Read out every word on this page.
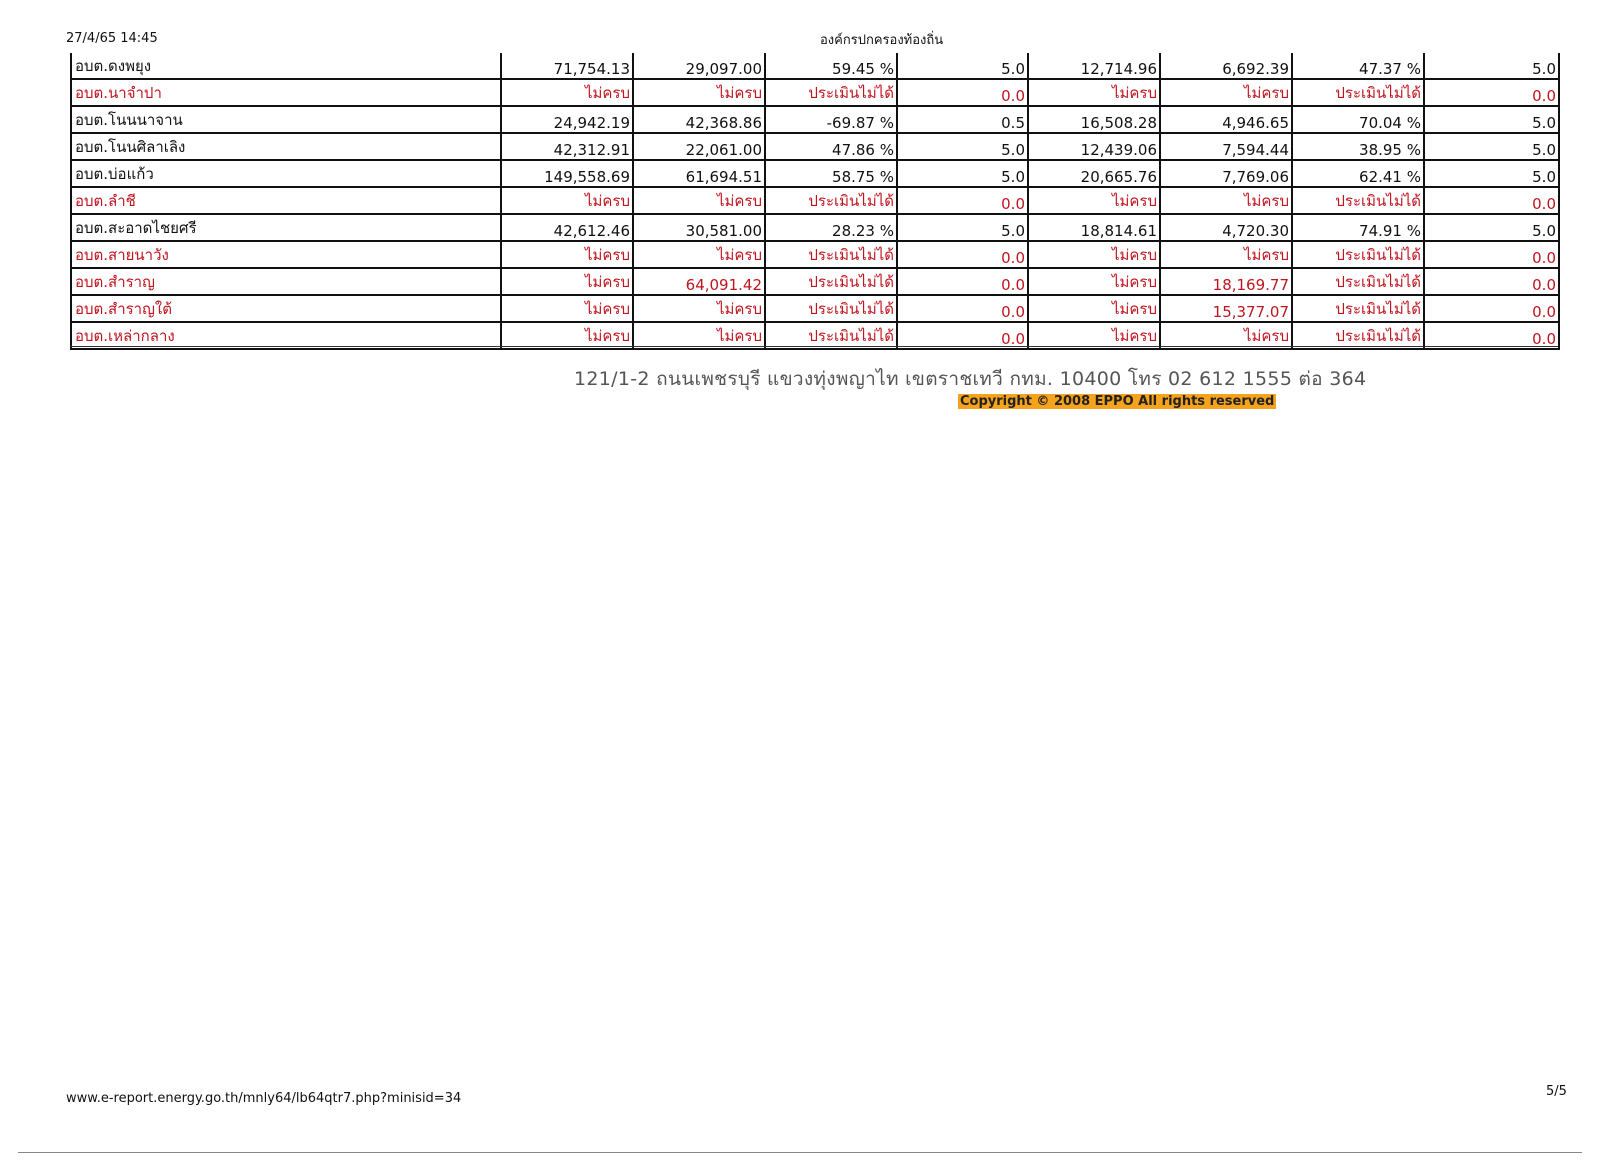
27/4/65 14:45	องค์กรปกครองท้องถิ่น
อบต.ดงพยุง	71,754.13	29,097.00	59.45 %	5.0	12,714.96	6,692.39	47.37 %	5.0
อบต.นาจำปา	ไม่ครบ	ไม่ครบ	ประเมินไม่ได้	0.0	ไม่ครบ	ไม่ครบ	ประเมินไม่ได้	0.0
อบต.โนนนาจาน	24,942.19	42,368.86	-69.87 %	0.5	16,508.28	4,946.65	70.04 %	5.0
อบต.โนนศิลาเลิง	42,312.91	22,061.00	47.86 %	5.0	12,439.06	7,594.44	38.95 %	5.0
อบต.บ่อแก้ว	149,558.69	61,694.51	58.75 %	5.0	20,665.76	7,769.06	62.41 %	5.0
อบต.ลำชี	ไม่ครบ	ไม่ครบ	ประเมินไม่ได้	0.0	ไม่ครบ	ไม่ครบ	ประเมินไม่ได้	0.0
อบต.สะอาดไชยศรี	42,612.46	30,581.00	28.23 %	5.0	18,814.61	4,720.30	74.91 %	5.0
อบต.สายนาวัง	ไม่ครบ	ไม่ครบ	ประเมินไม่ได้	0.0	ไม่ครบ	ไม่ครบ	ประเมินไม่ได้	0.0
อบต.สำราญ	ไม่ครบ	64,091.42	ประเมินไม่ได้	0.0	ไม่ครบ	18,169.77	ประเมินไม่ได้	0.0
อบต.สำราญใต้	ไม่ครบ	ไม่ครบ	ประเมินไม่ได้	0.0	ไม่ครบ	15,377.07	ประเมินไม่ได้	0.0
อบต.เหล่ากลาง	ไม่ครบ	ไม่ครบ	ประเมินไม่ได้	0.0	ไม่ครบ	ไม่ครบ	ประเมินไม่ได้	0.0
121/1-2 ถนนเพชรบุรี แขวงทุ่งพญาไท เขตราชเทวี กทม. 10400 โทร 02 612 1555 ต่อ 364
Copyright © 2008 EPPO All rights reserved
www.e-report.energy.go.th/mnly64/lb64qtr7.php?minisid=34	5/5
